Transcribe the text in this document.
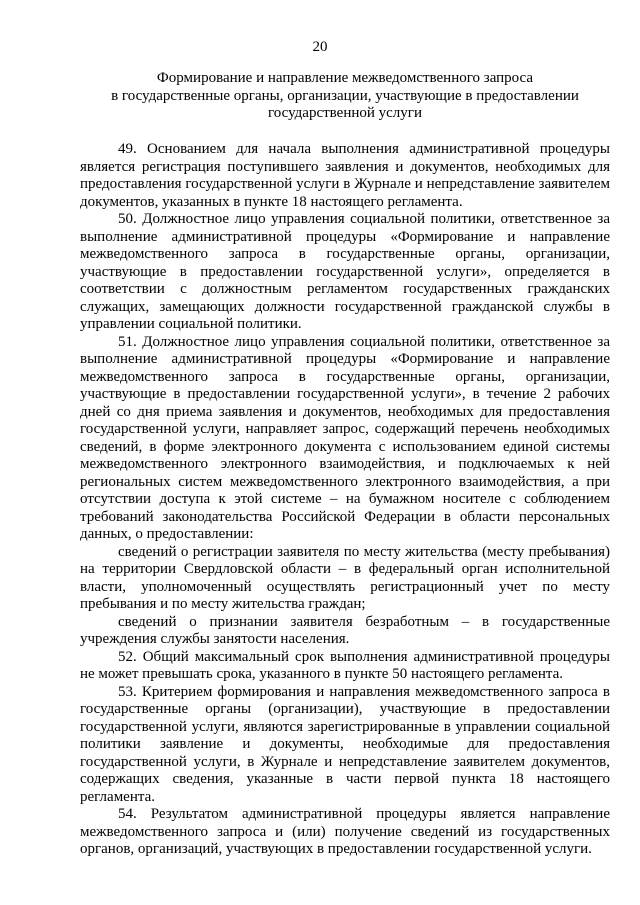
20
Формирование и направление межведомственного запроса
в государственные органы, организации, участвующие в предоставлении
государственной услуги

49. Основанием для начала выполнения административной процедуры является регистрация поступившего заявления и документов, необходимых для предоставления государственной услуги в Журнале и непредставление заявителем документов, указанных в пункте 18 настоящего регламента.

50. Должностное лицо управления социальной политики, ответственное за выполнение административной процедуры «Формирование и направление межведомственного запроса в государственные органы, организации, участвующие в предоставлении государственной услуги», определяется в соответствии с должностным регламентом государственных гражданских служащих, замещающих должности государственной гражданской службы в управлении социальной политики.

51. Должностное лицо управления социальной политики, ответственное за выполнение административной процедуры «Формирование и направление межведомственного запроса в государственные органы, организации, участвующие в предоставлении государственной услуги», в течение 2 рабочих дней со дня приема заявления и документов, необходимых для предоставления государственной услуги, направляет запрос, содержащий перечень необходимых сведений, в форме электронного документа с использованием единой системы межведомственного электронного взаимодействия, и подключаемых к ней региональных систем межведомственного электронного взаимодействия, а при отсутствии доступа к этой системе – на бумажном носителе с соблюдением требований законодательства Российской Федерации в области персональных данных, о предоставлении:

сведений о регистрации заявителя по месту жительства (месту пребывания) на территории Свердловской области – в федеральный орган исполнительной власти, уполномоченный осуществлять регистрационный учет по месту пребывания и по месту жительства граждан;

сведений о признании заявителя безработным – в государственные учреждения службы занятости населения.

52. Общий максимальный срок выполнения административной процедуры не может превышать срока, указанного в пункте 50 настоящего регламента.

53. Критерием формирования и направления межведомственного запроса в государственные органы (организации), участвующие в предоставлении государственной услуги, являются зарегистрированные в управлении социальной политики заявление и документы, необходимые для предоставления государственной услуги, в Журнале и непредставление заявителем документов, содержащих сведения, указанные в части первой пункта 18 настоящего регламента.

54. Результатом административной процедуры является направление межведомственного запроса и (или) получение сведений из государственных органов, организаций, участвующих в предоставлении государственной услуги.
